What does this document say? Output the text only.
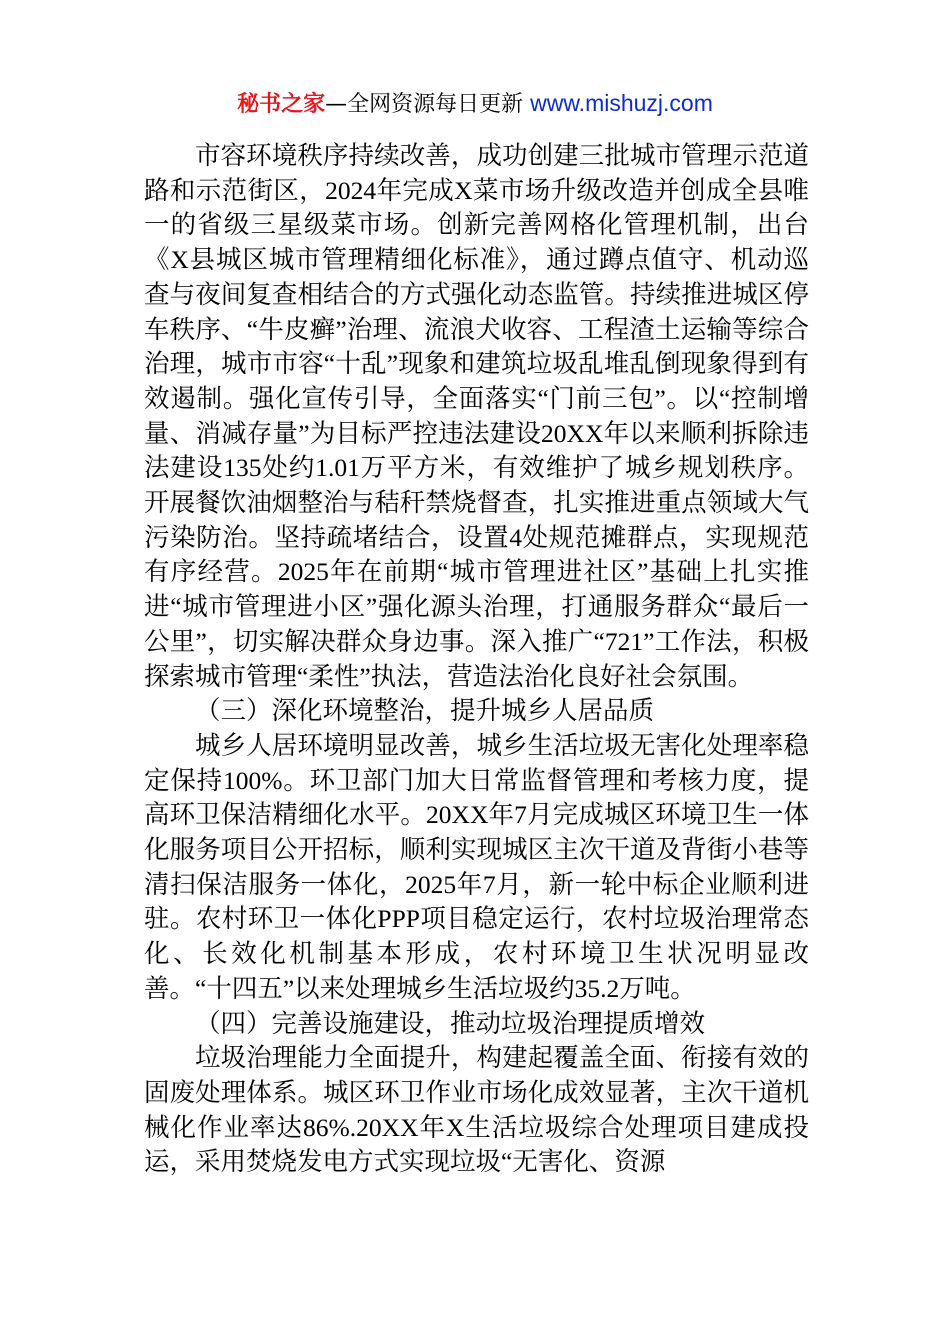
秘书之家—全网资源每日更新 www.mishuzj.com

市容环境秩序持续改善，成功创建三批城市管理示范道路和示范街区，2024年完成X菜市场升级改造并创成全县唯一的省级三星级菜市场。创新完善网格化管理机制，出台《X县城区城市管理精细化标准》，通过蹲点值守、机动巡查与夜间复查相结合的方式强化动态监管。持续推进城区停车秩序、“牛皮癣”治理、流浪犬收容、工程渣土运输等综合治理，城市市容“十乱”现象和建筑垃圾乱堆乱倒现象得到有效遏制。强化宣传引导，全面落实“门前三包”。以“控制增量、消减存量”为目标严控违法建设20XX年以来顺利拆除违法建设135处约1.01万平方米，有效维护了城乡规划秩序。开展餐饮油烟整治与秸秆禁烧督查，扎实推进重点领域大气污染防治。坚持疏堵结合，设置4处规范摊群点，实现规范有序经营。2025年在前期“城市管理进社区”基础上扎实推进“城市管理进小区”强化源头治理，打通服务群众“最后一公里”，切实解决群众身边事。深入推广“721”工作法，积极探索城市管理“柔性”执法，营造法治化良好社会氛围。

（三）深化环境整治，提升城乡人居品质

城乡人居环境明显改善，城乡生活垃圾无害化处理率稳定保持100%。环卫部门加大日常监督管理和考核力度，提高环卫保洁精细化水平。20XX年7月完成城区环境卫生一体化服务项目公开招标，顺利实现城区主次干道及背街小巷等清扫保洁服务一体化，2025年7月，新一轮中标企业顺利进驻。农村环卫一体化PPP项目稳定运行，农村垃圾治理常态化、长效化机制基本形成，农村环境卫生状况明显改善。“十四五”以来处理城乡生活垃圾约35.2万吨。

（四）完善设施建设，推动垃圾治理提质增效

垃圾治理能力全面提升，构建起覆盖全面、衔接有效的固废处理体系。城区环卫作业市场化成效显著，主次干道机械化作业率达86%.20XX年X生活垃圾综合处理项目建成投运，采用焚烧发电方式实现垃圾“无害化、资源
